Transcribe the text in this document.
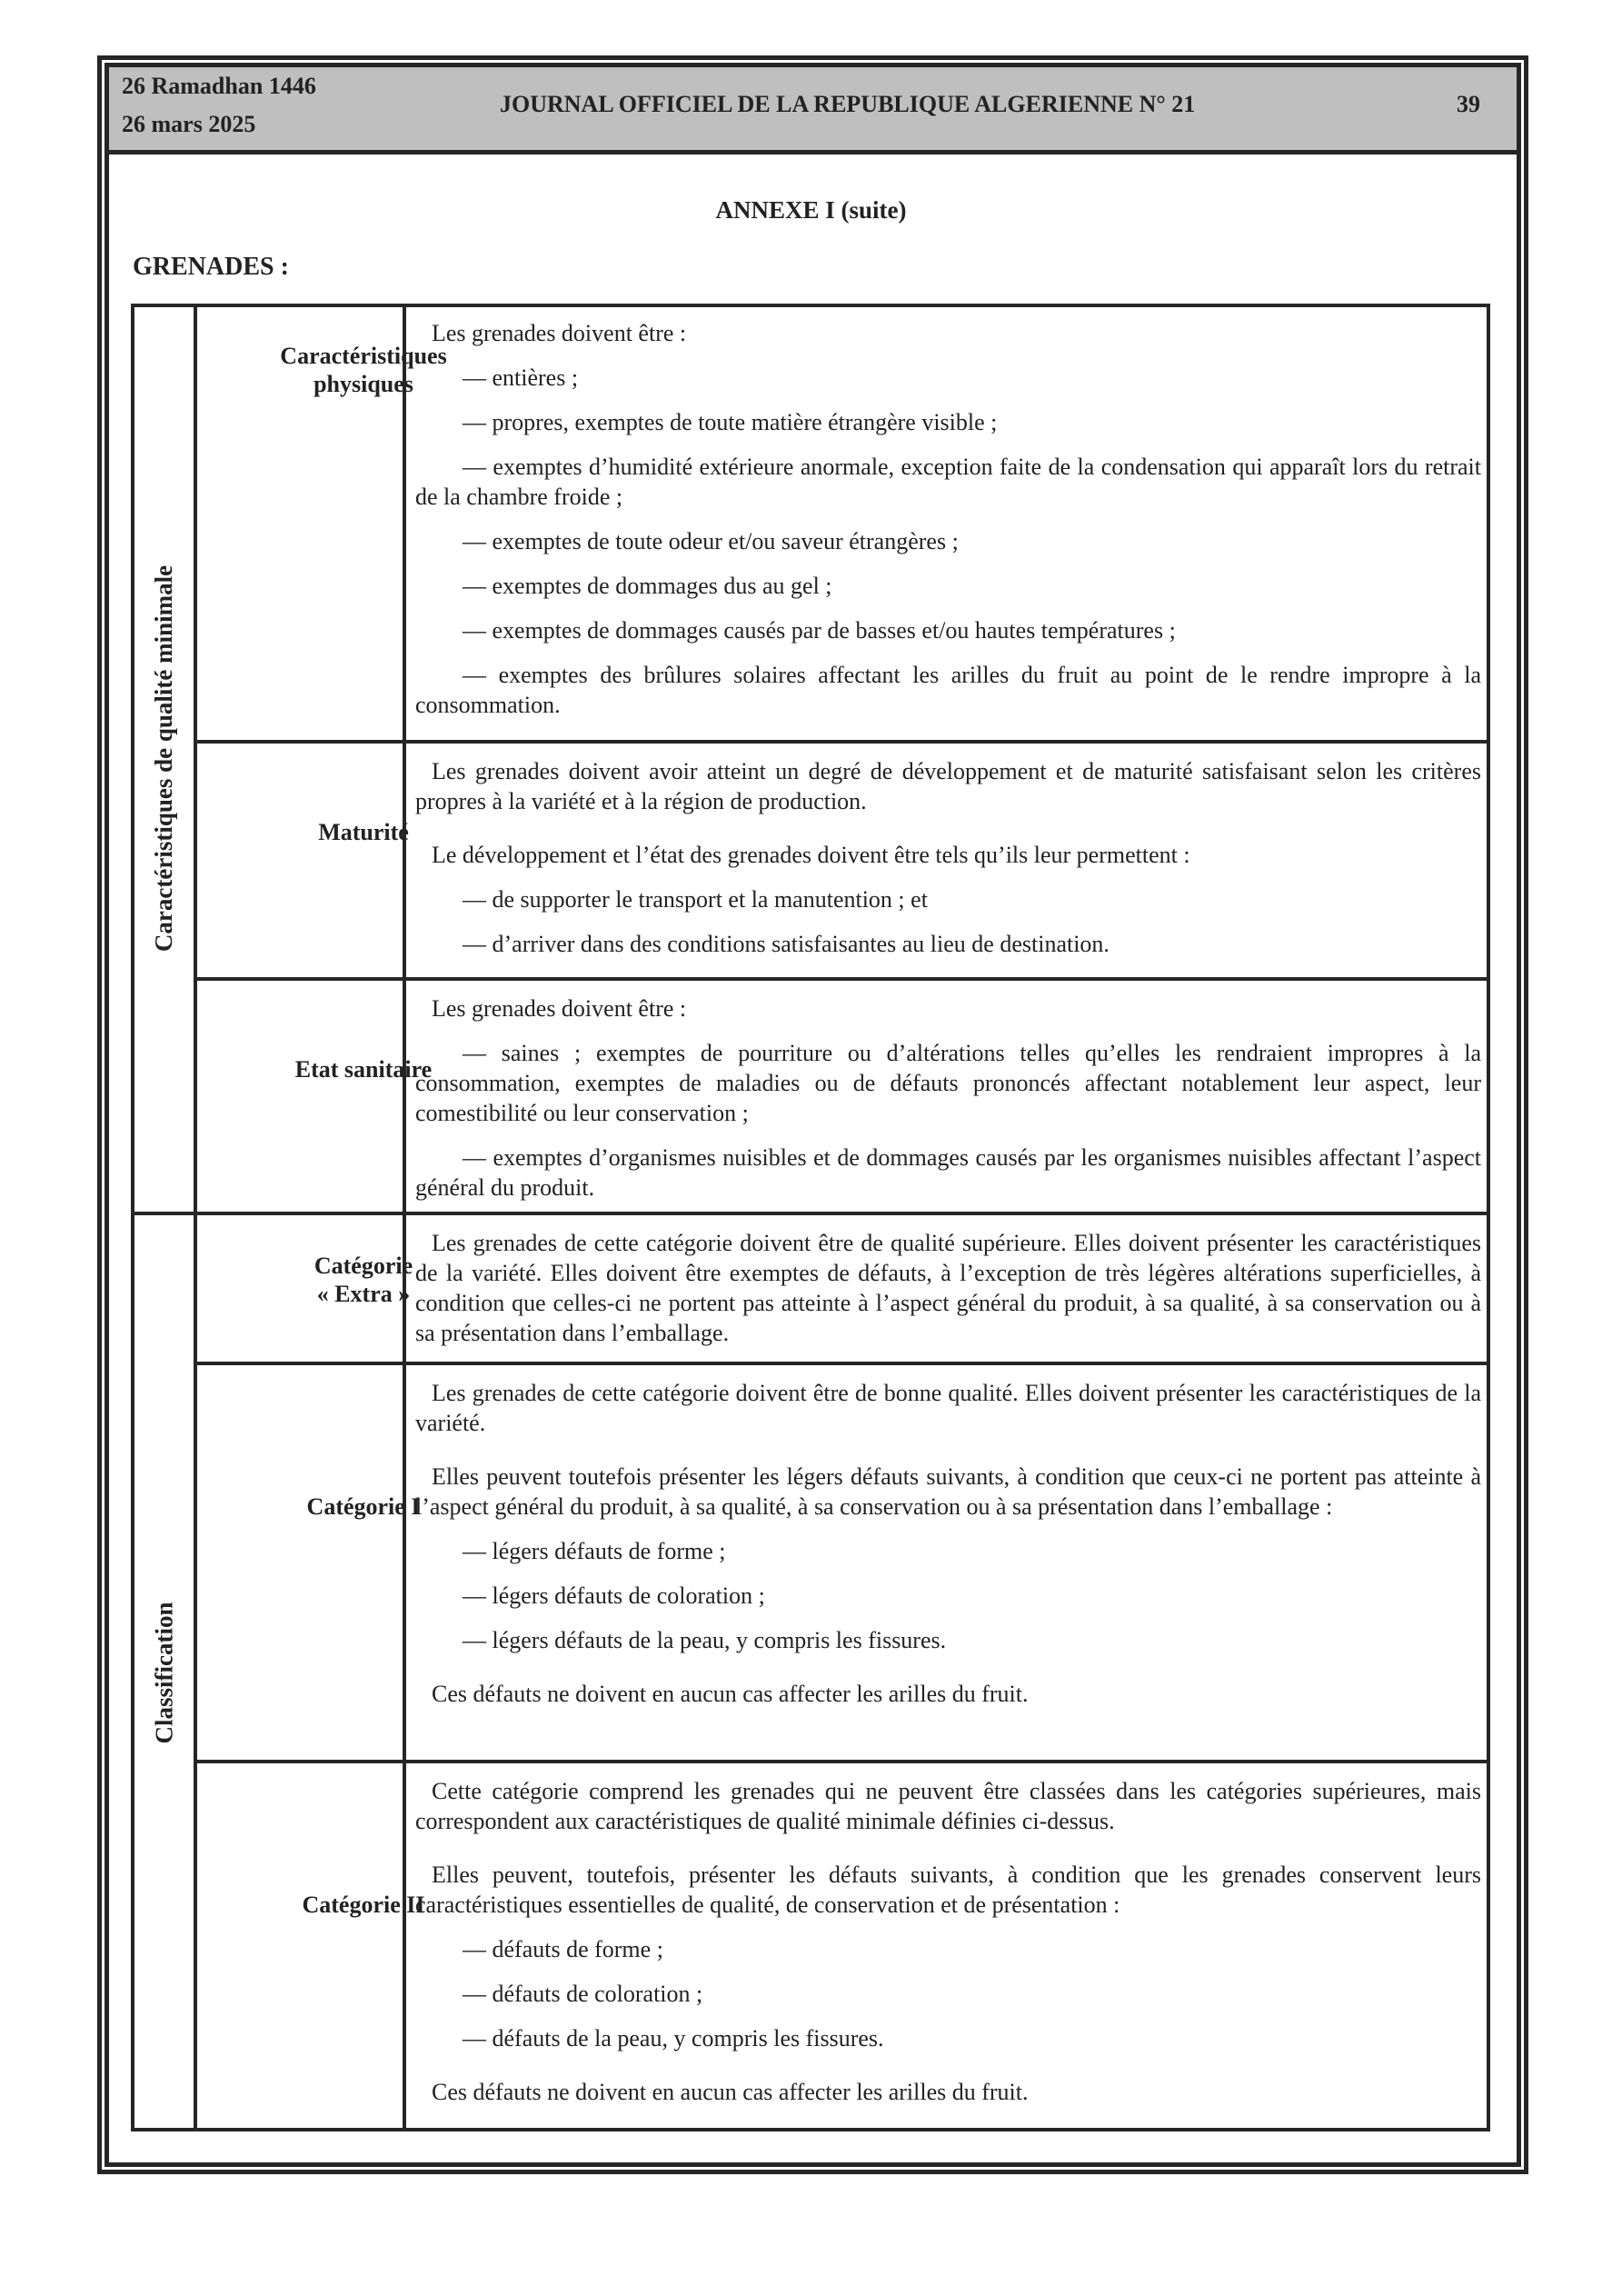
26 Ramadhan 1446
26 mars 2025
JOURNAL OFFICIEL DE LA REPUBLIQUE ALGERIENNE N° 21	39
ANNEXE I (suite)
GRENADES :
Caractéristiques de qualité minimale
Caractéristiques
physiques

Les grenades doivent être :

— entières ;

— propres, exemptes de toute matière étrangère visible ;

— exemptes d’humidité extérieure anormale, exception faite de la condensation qui apparaît lors du retrait de la chambre froide ;

— exemptes de toute odeur et/ou saveur étrangères ;

— exemptes de dommages dus au gel ;

— exemptes de dommages causés par de basses et/ou hautes températures ;

— exemptes des brûlures solaires affectant les arilles du fruit au point de le rendre impropre à la consommation.

Maturité

Les grenades doivent avoir atteint un degré de développement et de maturité satisfaisant selon les critères propres à la variété et à la région de production.

Le développement et l’état des grenades doivent être tels qu’ils leur permettent :

— de supporter le transport et la manutention ; et

— d’arriver dans des conditions satisfaisantes au lieu de destination.

Etat sanitaire

Les grenades doivent être :

— saines ; exemptes de pourriture ou d’altérations telles qu’elles les rendraient impropres à la consommation, exemptes de maladies ou de défauts prononcés affectant notablement leur aspect, leur comestibilité ou leur conservation ;

— exemptes d’organismes nuisibles et de dommages causés par les organismes nuisibles affectant l’aspect général du produit.

Classification
Catégorie
« Extra »

Les grenades de cette catégorie doivent être de qualité supérieure. Elles doivent présenter les caractéristiques de la variété. Elles doivent être exemptes de défauts, à l’exception de très légères altérations superficielles, à condition que celles-ci ne portent pas atteinte à l’aspect général du produit, à sa qualité, à sa conservation ou à sa présentation dans l’emballage.

Catégorie I

Les grenades de cette catégorie doivent être de bonne qualité. Elles doivent présenter les caractéristiques de la variété.

Elles peuvent toutefois présenter les légers défauts suivants, à condition que ceux-ci ne portent pas atteinte à l’aspect général du produit, à sa qualité, à sa conservation ou à sa présentation dans l’emballage :

— légers défauts de forme ;

— légers défauts de coloration ;

— légers défauts de la peau, y compris les fissures.

Ces défauts ne doivent en aucun cas affecter les arilles du fruit.

Catégorie II

Cette catégorie comprend les grenades qui ne peuvent être classées dans les catégories supérieures, mais correspondent aux caractéristiques de qualité minimale définies ci-dessus.

Elles peuvent, toutefois, présenter les défauts suivants, à condition que les grenades conservent leurs caractéristiques essentielles de qualité, de conservation et de présentation :

— défauts de forme ;

— défauts de coloration ;

— défauts de la peau, y compris les fissures.

Ces défauts ne doivent en aucun cas affecter les arilles du fruit.
